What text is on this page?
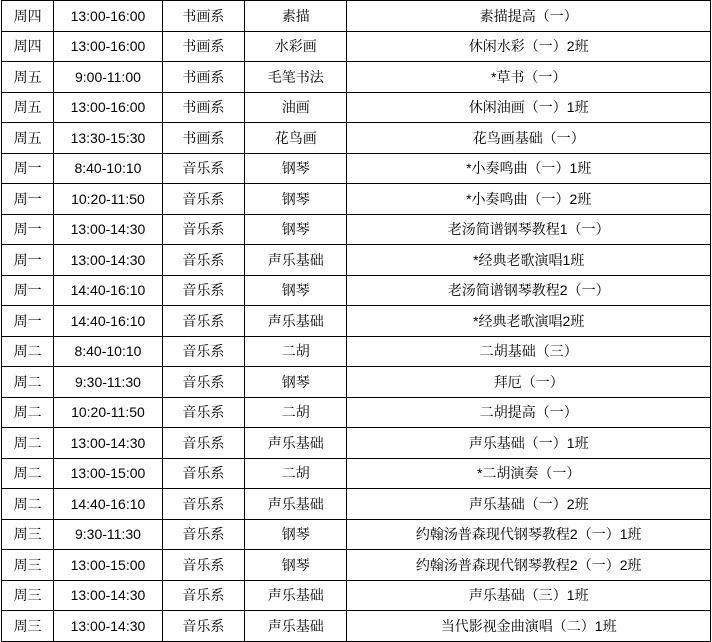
周四	13:00-16:00	书画系	素描	素描提高（一）
周四	13:00-16:00	书画系	水彩画	休闲水彩（一）2班
周五	9:00-11:00	书画系	毛笔书法	*草书（一）
周五	13:00-16:00	书画系	油画	休闲油画（一）1班
周五	13:30-15:30	书画系	花鸟画	花鸟画基础（一）
周一	8:40-10:10	音乐系	钢琴	*小奏鸣曲（一）1班
周一	10:20-11:50	音乐系	钢琴	*小奏鸣曲（一）2班
周一	13:00-14:30	音乐系	钢琴	老汤简谱钢琴教程1（一）
周一	13:00-14:30	音乐系	声乐基础	*经典老歌演唱1班
周一	14:40-16:10	音乐系	钢琴	老汤简谱钢琴教程2（一）
周一	14:40-16:10	音乐系	声乐基础	*经典老歌演唱2班
周二	8:40-10:10	音乐系	二胡	二胡基础（三）
周二	9:30-11:30	音乐系	钢琴	拜厄（一）
周二	10:20-11:50	音乐系	二胡	二胡提高（一）
周二	13:00-14:30	音乐系	声乐基础	声乐基础（一）1班
周二	13:00-15:00	音乐系	二胡	*二胡演奏（一）
周二	14:40-16:10	音乐系	声乐基础	声乐基础（一）2班
周三	9:30-11:30	音乐系	钢琴	约翰汤普森现代钢琴教程2（一）1班
周三	13:00-15:00	音乐系	钢琴	约翰汤普森现代钢琴教程2（一）2班
周三	13:00-14:30	音乐系	声乐基础	声乐基础（三）1班
周三	13:00-14:30	音乐系	声乐基础	当代影视金曲演唱（二）1班
